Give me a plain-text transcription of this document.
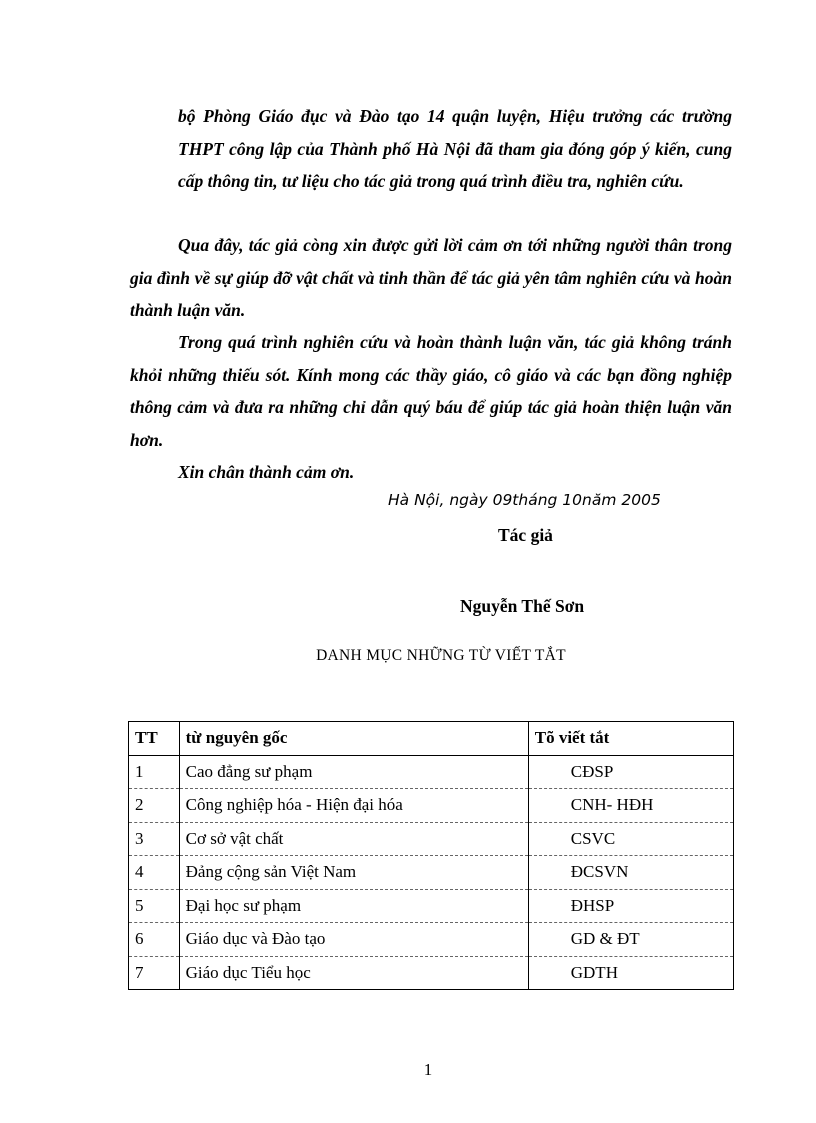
bộ Phòng Giáo đục và Đào tạo 14 quận luyện, Hiệu trưởng các trường THPT công lập của Thành phố Hà Nội đã tham gia đóng góp ý kiến, cung cấp thông tin, tư liệu cho tác giả trong quá trình điều tra, nghiên cứu.

Qua đây, tác giả còng xin được gửi lời cảm ơn tới những người thân trong gia đình về sự giúp đỡ vật chất và tinh thần để tác giả yên tâm nghiên cứu và hoàn thành luận văn.

Trong quá trình nghiên cứu và hoàn thành luận văn, tác giả không tránh khỏi những thiếu sót. Kính mong các thầy giáo, cô giáo và các bạn đồng nghiệp thông cảm và đưa ra những chỉ dẫn quý báu để giúp tác giả hoàn thiện luận văn hơn.

Xin chân thành cảm ơn.

Hà Nội, ngày 09tháng 10năm 2005
Tác giả
Nguyễn Thế Sơn
DANH MỤC NHỮNG TỪ VIẾT TẮT
TT	từ nguyên gốc	Tõ viết tắt
1	Cao đẳng sư phạm	CĐSP
2	Công nghiệp hóa - Hiện đại hóa	CNH- HĐH
3	Cơ sở vật chất	CSVC
4	Đảng cộng sản Việt Nam	ĐCSVN
5	Đại học sư phạm	ĐHSP
6	Giáo dục và Đào tạo	GD & ĐT
7	Giáo dục Tiểu học	GDTH
1
